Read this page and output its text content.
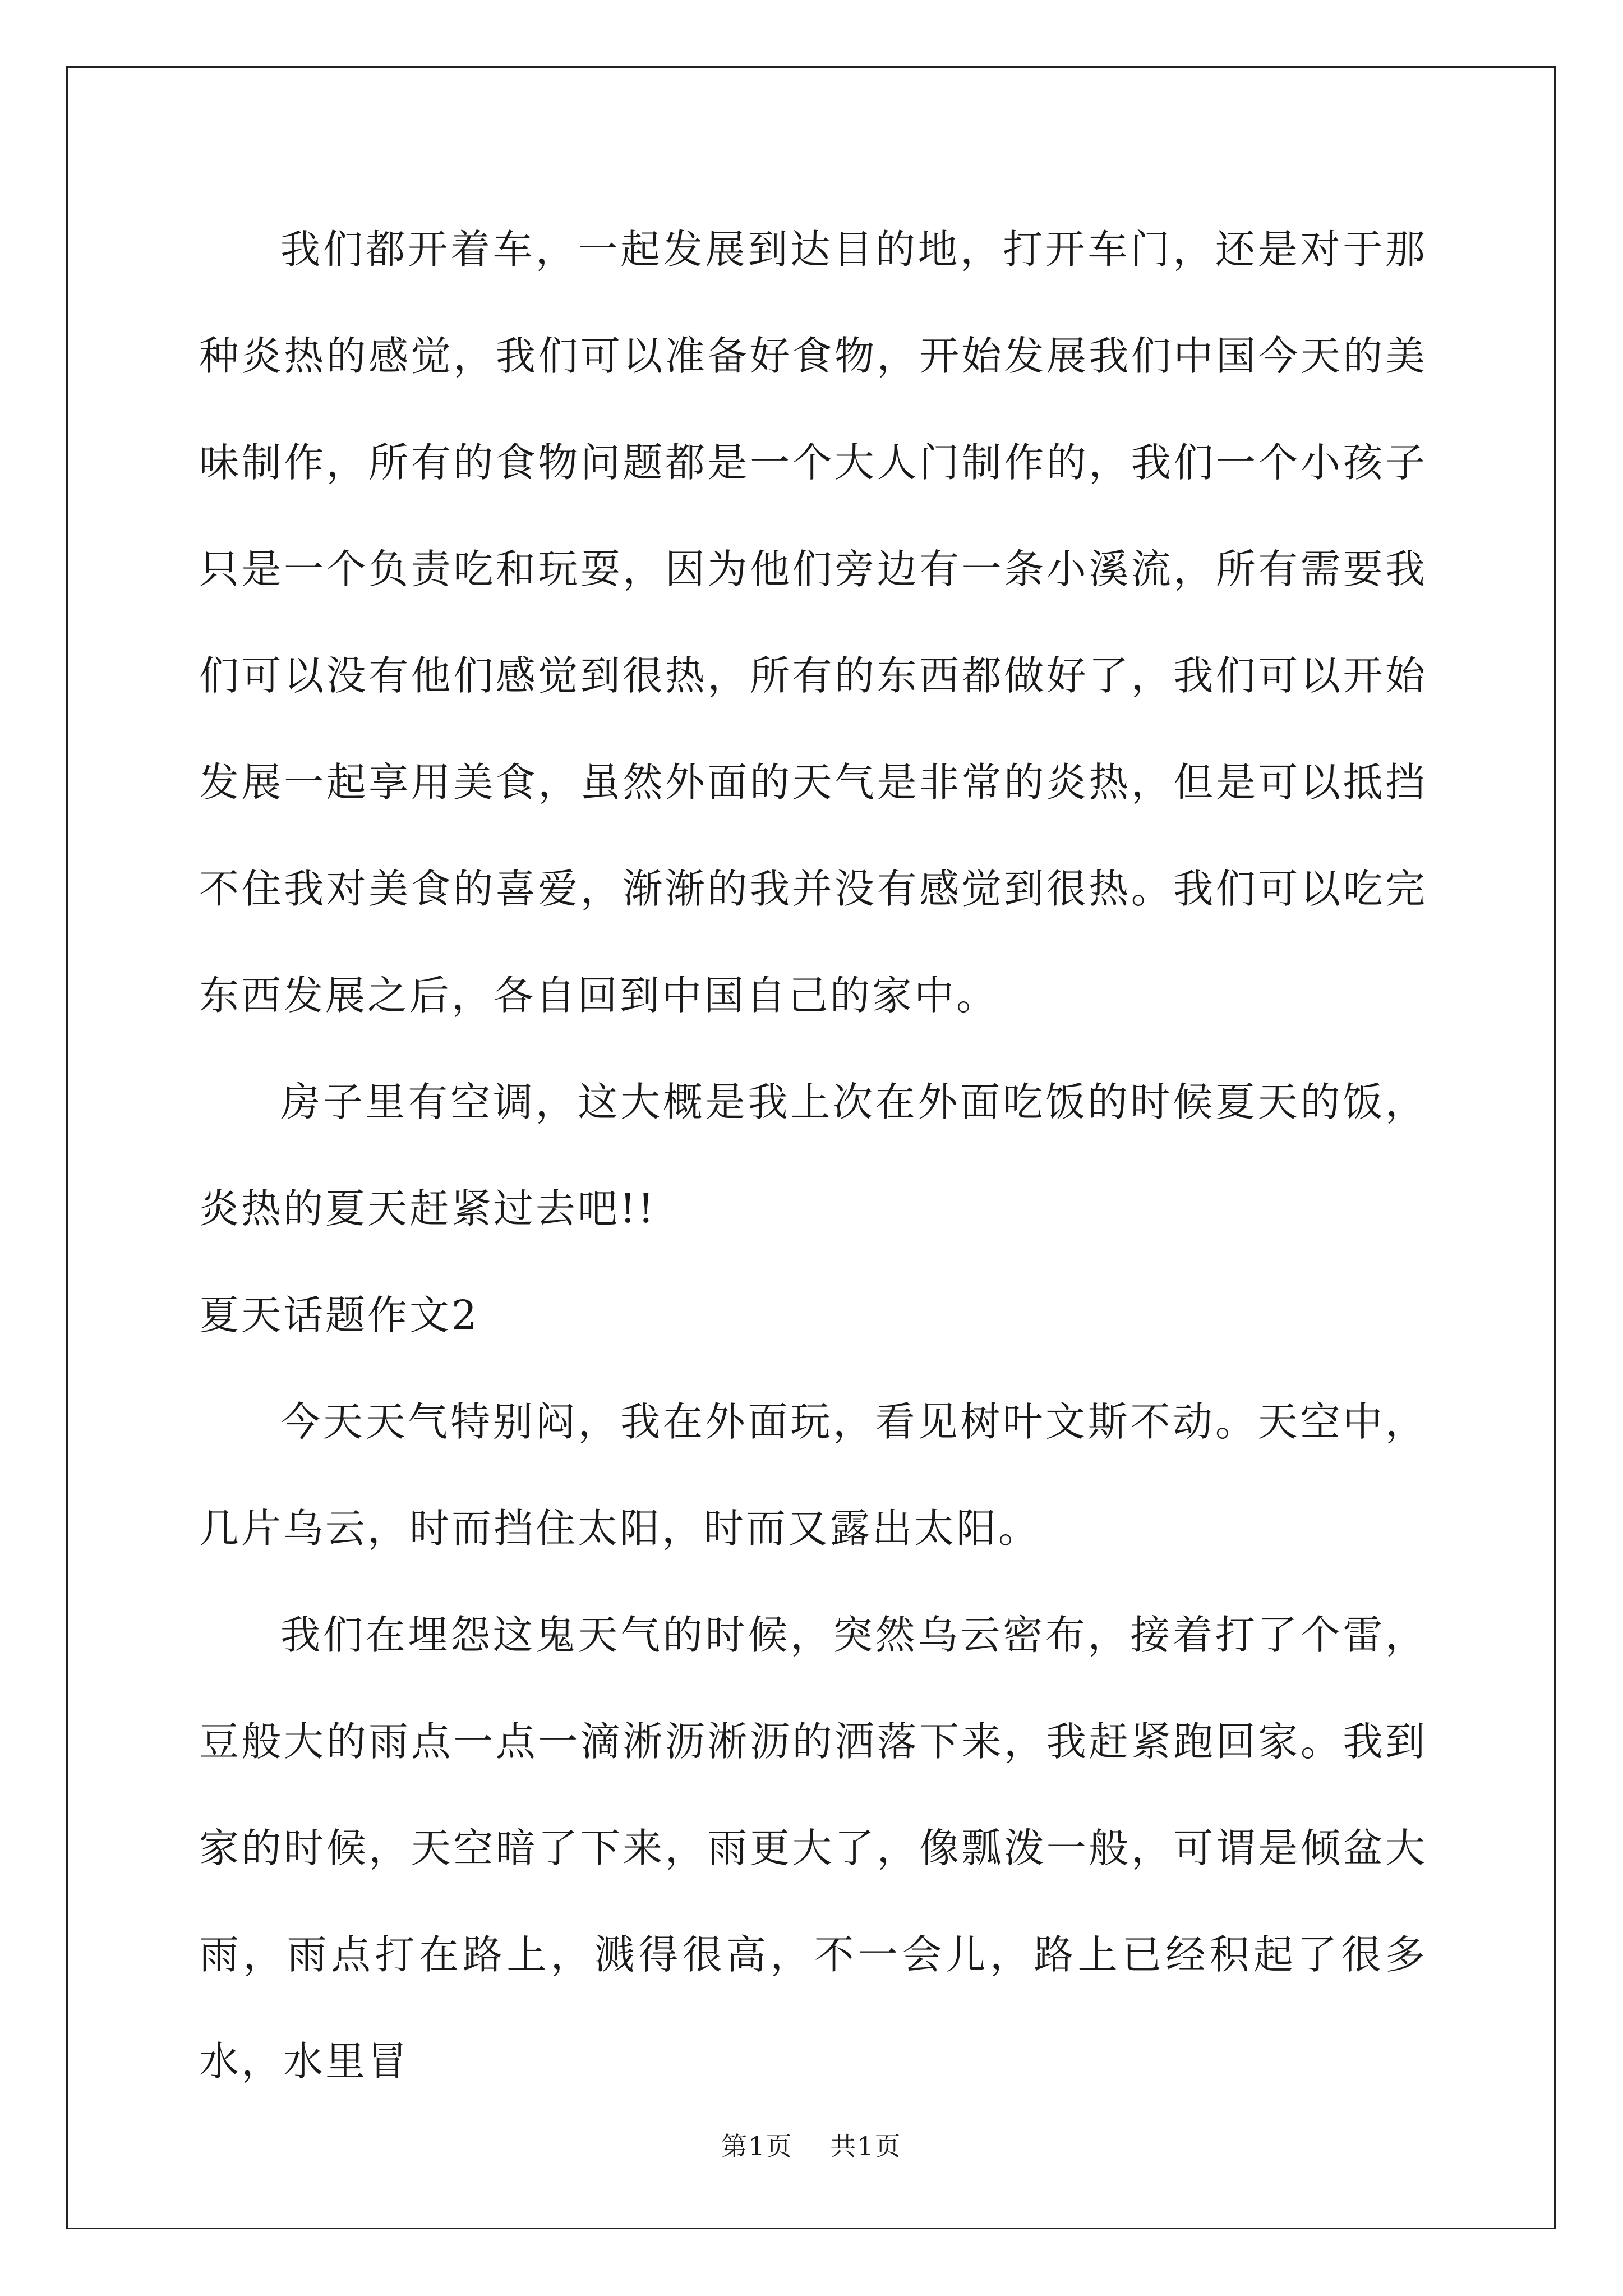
我们都开着车，一起发展到达目的地，打开车门，还是对于那种炎热的感觉，我们可以准备好食物，开始发展我们中国今天的美味制作，所有的食物问题都是一个大人门制作的，我们一个小孩子只是一个负责吃和玩耍，因为他们旁边有一条小溪流，所有需要我们可以没有他们感觉到很热，所有的东西都做好了，我们可以开始发展一起享用美食，虽然外面的天气是非常的炎热，但是可以抵挡不住我对美食的喜爱，渐渐的我并没有感觉到很热。我们可以吃完东西发展之后，各自回到中国自己的家中。

房子里有空调，这大概是我上次在外面吃饭的时候夏天的饭，炎热的夏天赶紧过去吧!!

夏天话题作文2

今天天气特别闷，我在外面玩，看见树叶文斯不动。天空中，几片乌云，时而挡住太阳，时而又露出太阳。

我们在埋怨这鬼天气的时候，突然乌云密布，接着打了个雷，豆般大的雨点一点一滴淅沥淅沥的洒落下来，我赶紧跑回家。我到家的时候，天空暗了下来，雨更大了，像瓢泼一般，可谓是倾盆大雨，雨点打在路上，溅得很高，不一会儿，路上已经积起了很多水，水里冒

第1页 共1页
